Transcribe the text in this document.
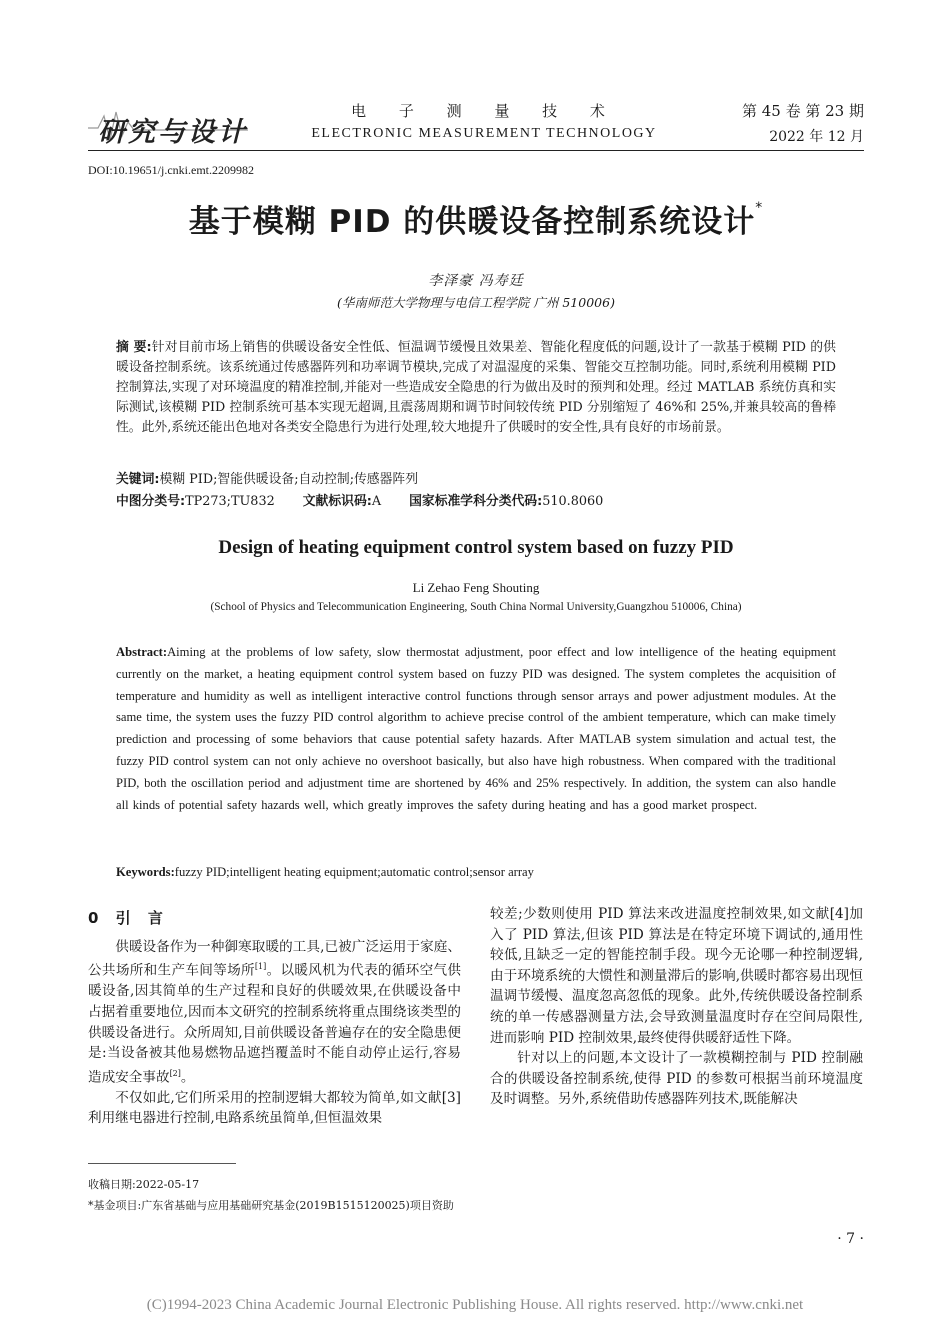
研究与设计
电 子 测 量 技 术
ELECTRONIC MEASUREMENT TECHNOLOGY
第 45 卷 第 23 期
2022 年 12 月
DOI:10.19651/j.cnki.emt.2209982
基于模糊 PID 的供暖设备控制系统设计*
李泽豪 冯寿廷
(华南师范大学物理与电信工程学院 广州 510006)
摘 要:针对目前市场上销售的供暖设备安全性低、恒温调节缓慢且效果差、智能化程度低的问题,设计了一款基于模糊 PID 的供暖设备控制系统。该系统通过传感器阵列和功率调节模块,完成了对温湿度的采集、智能交互控制功能。同时,系统利用模糊 PID 控制算法,实现了对环境温度的精准控制,并能对一些造成安全隐患的行为做出及时的预判和处理。经过 MATLAB 系统仿真和实际测试,该模糊 PID 控制系统可基本实现无超调,且震荡周期和调节时间较传统 PID 分别缩短了 46%和 25%,并兼具较高的鲁棒性。此外,系统还能出色地对各类安全隐患行为进行处理,较大地提升了供暖时的安全性,具有良好的市场前景。
关键词:模糊 PID;智能供暖设备;自动控制;传感器阵列
中图分类号:TP273;TU832 文献标识码:A 国家标准学科分类代码:510.8060
Design of heating equipment control system based on fuzzy PID
Li Zehao Feng Shouting
(School of Physics and Telecommunication Engineering, South China Normal University,Guangzhou 510006, China)
Abstract:Aiming at the problems of low safety, slow thermostat adjustment, poor effect and low intelligence of the heating equipment currently on the market, a heating equipment control system based on fuzzy PID was designed. The system completes the acquisition of temperature and humidity as well as intelligent interactive control functions through sensor arrays and power adjustment modules. At the same time, the system uses the fuzzy PID control algorithm to achieve precise control of the ambient temperature, which can make timely prediction and processing of some behaviors that cause potential safety hazards. After MATLAB system simulation and actual test, the fuzzy PID control system can not only achieve no overshoot basically, but also have high robustness. When compared with the traditional PID, both the oscillation period and adjustment time are shortened by 46% and 25% respectively. In addition, the system can also handle all kinds of potential safety hazards well, which greatly improves the safety during heating and has a good market prospect.
Keywords:fuzzy PID;intelligent heating equipment;automatic control;sensor array
0 引 言

供暖设备作为一种御寒取暖的工具,已被广泛运用于家庭、公共场所和生产车间等场所[1]。以暖风机为代表的循环空气供暖设备,因其简单的生产过程和良好的供暖效果,在供暖设备中占据着重要地位,因而本文研究的控制系统将重点围绕该类型的供暖设备进行。众所周知,目前供暖设备普遍存在的安全隐患便是:当设备被其他易燃物品遮挡覆盖时不能自动停止运行,容易造成安全事故[2]。

不仅如此,它们所采用的控制逻辑大都较为简单,如文献[3]利用继电器进行控制,电路系统虽简单,但恒温效果

较差;少数则使用 PID 算法来改进温度控制效果,如文献[4]加入了 PID 算法,但该 PID 算法是在特定环境下调试的,通用性较低,且缺乏一定的智能控制手段。现今无论哪一种控制逻辑,由于环境系统的大惯性和测量滞后的影响,供暖时都容易出现恒温调节缓慢、温度忽高忽低的现象。此外,传统供暖设备控制系统的单一传感器测量方法,会导致测量温度时存在空间局限性,进而影响 PID 控制效果,最终使得供暖舒适性下降。

针对以上的问题,本文设计了一款模糊控制与 PID 控制融合的供暖设备控制系统,使得 PID 的参数可根据当前环境温度及时调整。另外,系统借助传感器阵列技术,既能解决

收稿日期:2022-05-17
*基金项目:广东省基础与应用基础研究基金(2019B1515120025)项目资助
· 7 ·
(C)1994-2023 China Academic Journal Electronic Publishing House. All rights reserved. http://www.cnki.net
